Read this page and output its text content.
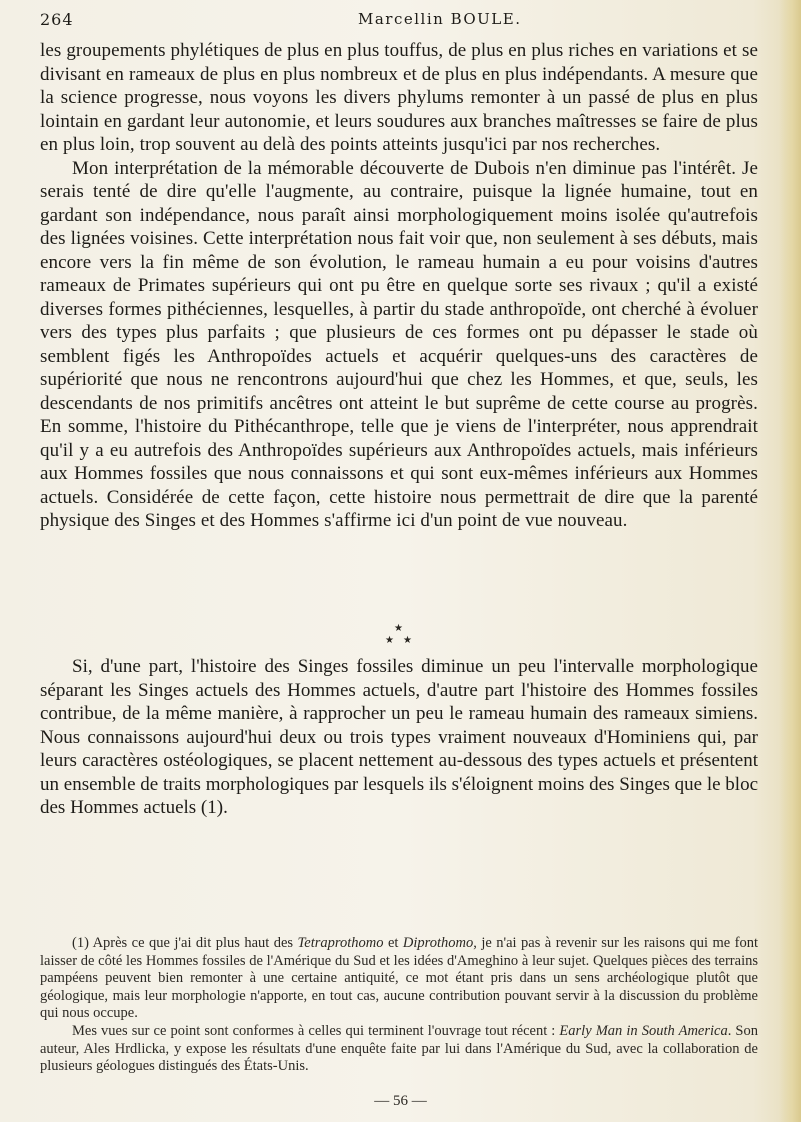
264	Marcellin BOULE.

les groupements phylétiques de plus en plus touffus, de plus en plus riches en variations et se divisant en rameaux de plus en plus nombreux et de plus en plus indépendants. A mesure que la science progresse, nous voyons les divers phylums remonter à un passé de plus en plus lointain en gardant leur autonomie, et leurs soudures aux branches maîtresses se faire de plus en plus loin, trop souvent au delà des points atteints jusqu'ici par nos recherches.

Mon interprétation de la mémorable découverte de Dubois n'en diminue pas l'intérêt. Je serais tenté de dire qu'elle l'augmente, au contraire, puisque la lignée humaine, tout en gardant son indépendance, nous paraît ainsi morphologiquement moins isolée qu'autrefois des lignées voisines. Cette interprétation nous fait voir que, non seulement à ses débuts, mais encore vers la fin même de son évolution, le rameau humain a eu pour voisins d'autres rameaux de Primates supérieurs qui ont pu être en quelque sorte ses rivaux ; qu'il a existé diverses formes pithéciennes, lesquelles, à partir du stade anthropoïde, ont cherché à évoluer vers des types plus parfaits ; que plusieurs de ces formes ont pu dépasser le stade où semblent figés les Anthropoïdes actuels et acquérir quelques-uns des caractères de supériorité que nous ne rencontrons aujourd'hui que chez les Hommes, et que, seuls, les descendants de nos primitifs ancêtres ont atteint le but suprême de cette course au progrès. En somme, l'histoire du Pithécanthrope, telle que je viens de l'interpréter, nous apprendrait qu'il y a eu autrefois des Anthropoïdes supérieurs aux Anthropoïdes actuels, mais inférieurs aux Hommes fossiles que nous connaissons et qui sont eux-mêmes inférieurs aux Hommes actuels. Considérée de cette façon, cette histoire nous permettrait de dire que la parenté physique des Singes et des Hommes s'affirme ici d'un point de vue nouveau.

★
★ ★

Si, d'une part, l'histoire des Singes fossiles diminue un peu l'intervalle morphologique séparant les Singes actuels des Hommes actuels, d'autre part l'histoire des Hommes fossiles contribue, de la même manière, à rapprocher un peu le rameau humain des rameaux simiens. Nous connaissons aujourd'hui deux ou trois types vraiment nouveaux d'Hominiens qui, par leurs caractères ostéologiques, se placent nettement au-dessous des types actuels et présentent un ensemble de traits morphologiques par lesquels ils s'éloignent moins des Singes que le bloc des Hommes actuels (1).

(1) Après ce que j'ai dit plus haut des Tetraprothomo et Diprothomo, je n'ai pas à revenir sur les raisons qui me font laisser de côté les Hommes fossiles de l'Amérique du Sud et les idées d'Ameghino à leur sujet. Quelques pièces des terrains pampéens peuvent bien remonter à une certaine antiquité, ce mot étant pris dans un sens archéologique plutôt que géologique, mais leur morphologie n'apporte, en tout cas, aucune contribution pouvant servir à la discussion du problème qui nous occupe.

Mes vues sur ce point sont conformes à celles qui terminent l'ouvrage tout récent : Early Man in South America. Son auteur, Ales Hrdlicka, y expose les résultats d'une enquête faite par lui dans l'Amérique du Sud, avec la collaboration de plusieurs géologues distingués des États-Unis.

— 56 —
